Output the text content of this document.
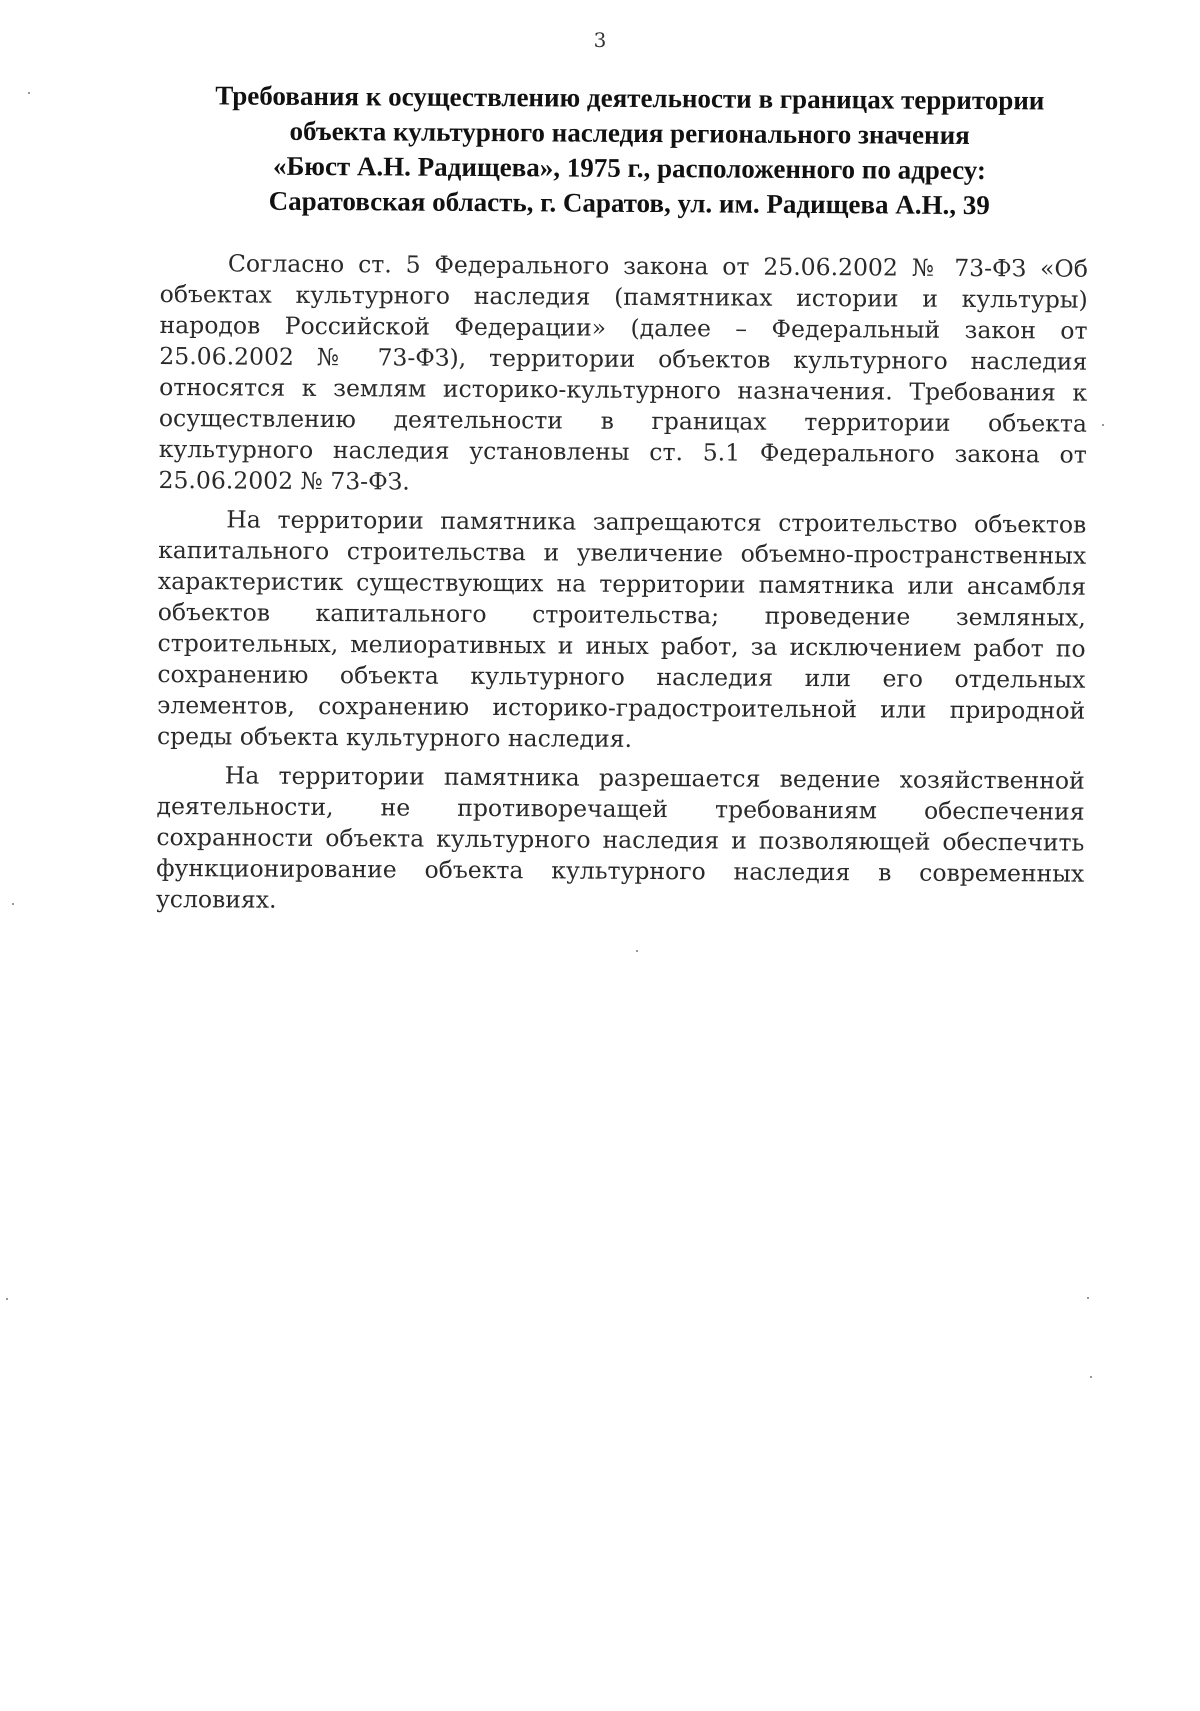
3
Требования к осуществлению деятельности в границах территории
объекта культурного наследия регионального значения
«Бюст А.Н. Радищева», 1975 г., расположенного по адресу:
Саратовская область, г. Саратов, ул. им. Радищева А.Н., 39

Согласно ст. 5 Федерального закона от 25.06.2002 № 73-ФЗ «Об объектах культурного наследия (памятниках истории и культуры) народов Российской Федерации» (далее – Федеральный закон от 25.06.2002 № 73-ФЗ), территории объектов культурного наследия относятся к землям историко-культурного назначения. Требования к осуществлению деятельности в границах территории объекта культурного наследия установлены ст. 5.1 Федерального закона от 25.06.2002 № 73-ФЗ.

На территории памятника запрещаются строительство объектов капитального строительства и увеличение объемно-пространственных характеристик существующих на территории памятника или ансамбля объектов капитального строительства; проведение земляных, строительных, мелиоративных и иных работ, за исключением работ по сохранению объекта культурного наследия или его отдельных элементов, сохранению историко-градостроительной или природной среды объекта культурного наследия.

На территории памятника разрешается ведение хозяйственной деятельности, не противоречащей требованиям обеспечения сохранности объекта культурного наследия и позволяющей обеспечить функционирование объекта культурного наследия в современных условиях.
